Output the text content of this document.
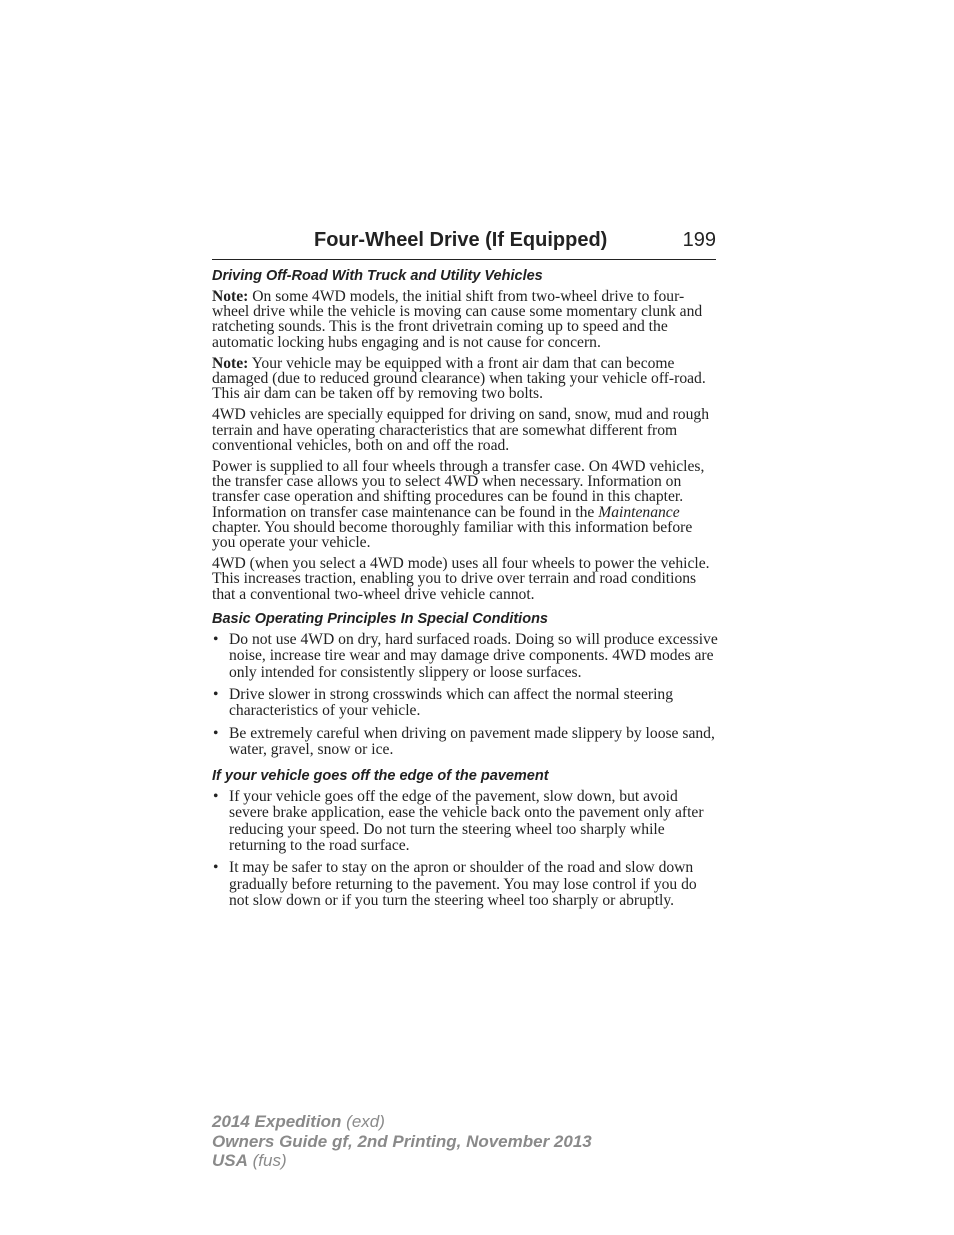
Four-Wheel Drive (If Equipped)	199
Driving Off-Road With Truck and Utility Vehicles
Note: On some 4WD models, the initial shift from two-wheel drive to four-wheel drive while the vehicle is moving can cause some momentary clunk and ratcheting sounds. This is the front drivetrain coming up to speed and the automatic locking hubs engaging and is not cause for concern.
Note: Your vehicle may be equipped with a front air dam that can become damaged (due to reduced ground clearance) when taking your vehicle off-road. This air dam can be taken off by removing two bolts.
4WD vehicles are specially equipped for driving on sand, snow, mud and rough terrain and have operating characteristics that are somewhat different from conventional vehicles, both on and off the road.
Power is supplied to all four wheels through a transfer case. On 4WD vehicles, the transfer case allows you to select 4WD when necessary. Information on transfer case operation and shifting procedures can be found in this chapter. Information on transfer case maintenance can be found in the Maintenance chapter. You should become thoroughly familiar with this information before you operate your vehicle.
4WD (when you select a 4WD mode) uses all four wheels to power the vehicle. This increases traction, enabling you to drive over terrain and road conditions that a conventional two-wheel drive vehicle cannot.
Basic Operating Principles In Special Conditions
• Do not use 4WD on dry, hard surfaced roads. Doing so will produce excessive noise, increase tire wear and may damage drive components. 4WD modes are only intended for consistently slippery or loose surfaces.
• Drive slower in strong crosswinds which can affect the normal steering characteristics of your vehicle.
• Be extremely careful when driving on pavement made slippery by loose sand, water, gravel, snow or ice.
If your vehicle goes off the edge of the pavement
• If your vehicle goes off the edge of the pavement, slow down, but avoid severe brake application, ease the vehicle back onto the pavement only after reducing your speed. Do not turn the steering wheel too sharply while returning to the road surface.
• It may be safer to stay on the apron or shoulder of the road and slow down gradually before returning to the pavement. You may lose control if you do not slow down or if you turn the steering wheel too sharply or abruptly.
2014 Expedition (exd)
Owners Guide gf, 2nd Printing, November 2013
USA (fus)
